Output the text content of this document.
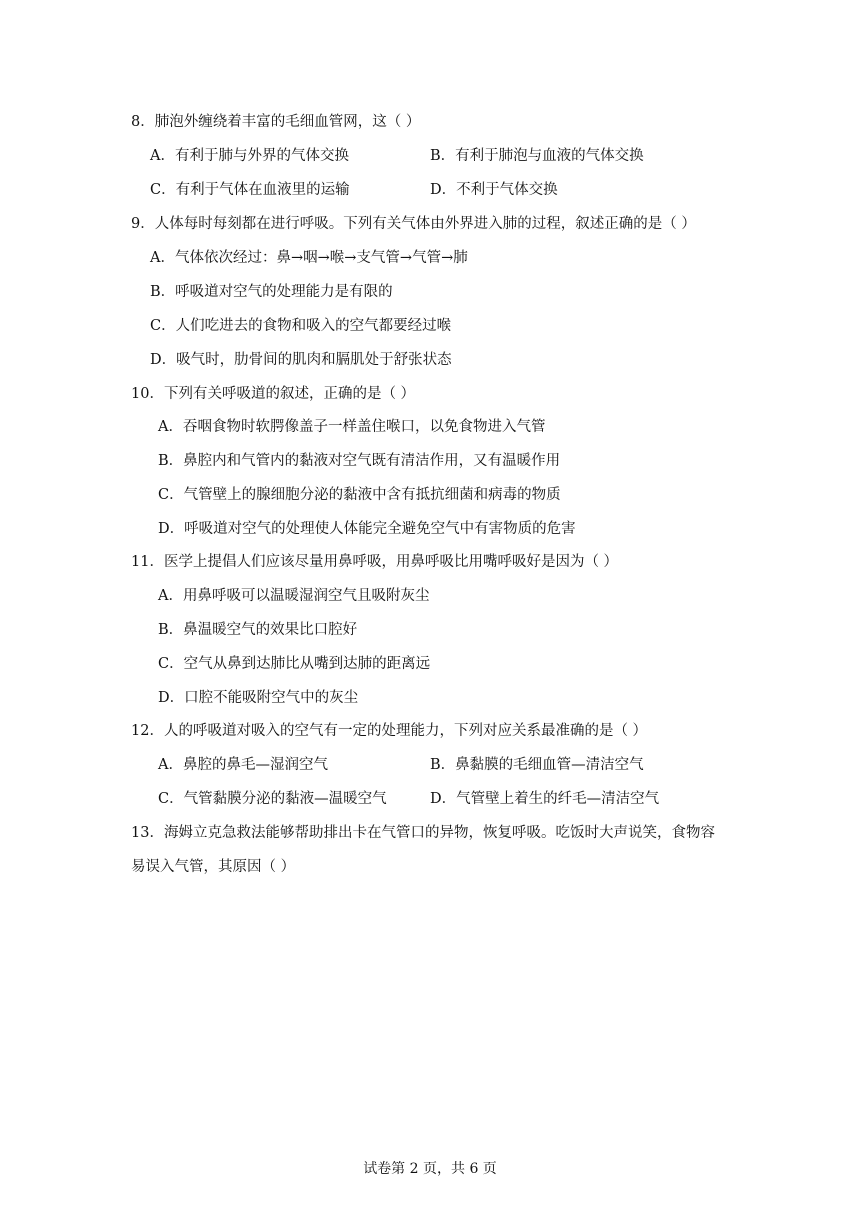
8．肺泡外缠绕着丰富的毛细血管网，这（ ）
A．有利于肺与外界的气体交换	B．有利于肺泡与血液的气体交换
C．有利于气体在血液里的运输	D．不利于气体交换
9．人体每时每刻都在进行呼吸。下列有关气体由外界进入肺的过程，叙述正确的是（ ）
A．气体依次经过：鼻→咽→喉→支气管→气管→肺
B．呼吸道对空气的处理能力是有限的
C．人们吃进去的食物和吸入的空气都要经过喉
D．吸气时，肋骨间的肌肉和膈肌处于舒张状态
10．下列有关呼吸道的叙述，正确的是（ ）
A．吞咽食物时软腭像盖子一样盖住喉口，以免食物进入气管
B．鼻腔内和气管内的黏液对空气既有清洁作用，又有温暖作用
C．气管壁上的腺细胞分泌的黏液中含有抵抗细菌和病毒的物质
D．呼吸道对空气的处理使人体能完全避免空气中有害物质的危害
11．医学上提倡人们应该尽量用鼻呼吸，用鼻呼吸比用嘴呼吸好是因为（ ）
A．用鼻呼吸可以温暖湿润空气且吸附灰尘
B．鼻温暖空气的效果比口腔好
C．空气从鼻到达肺比从嘴到达肺的距离远
D．口腔不能吸附空气中的灰尘
12．人的呼吸道对吸入的空气有一定的处理能力，下列对应关系最准确的是（ ）
A．鼻腔的鼻毛—湿润空气	B．鼻黏膜的毛细血管—清洁空气
C．气管黏膜分泌的黏液—温暖空气	D．气管壁上着生的纤毛—清洁空气
13．海姆立克急救法能够帮助排出卡在气管口的异物，恢复呼吸。吃饭时大声说笑，食物容
易误入气管，其原因（ ）
试卷第 2 页，共 6 页
